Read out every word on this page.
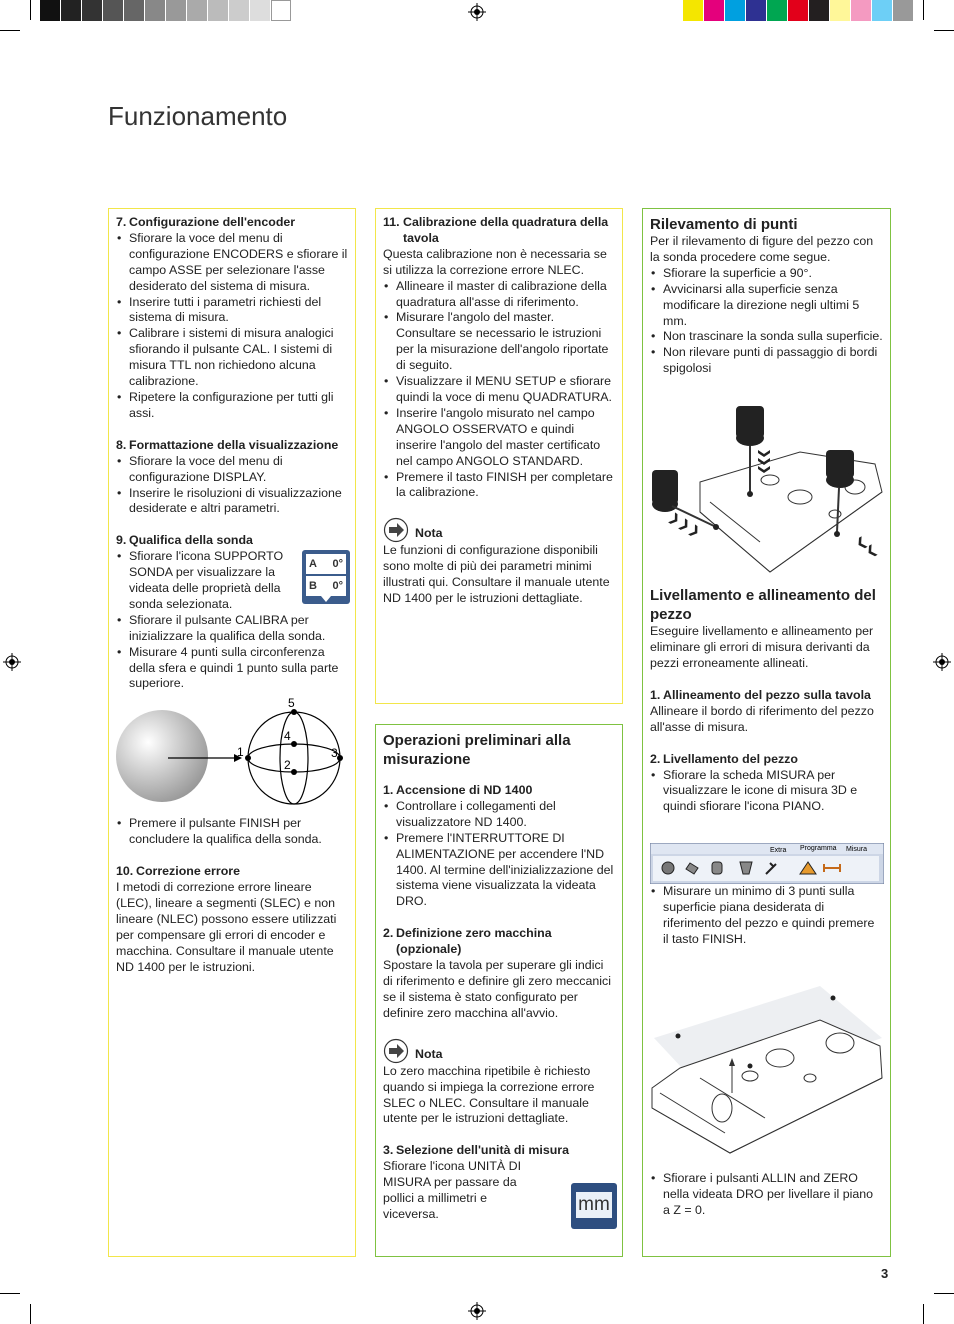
Funzionamento
7. Configurazione dell'encoder
• Sfiorare la voce del menu di configurazione ENCODERS e sfiorare il campo ASSE per selezionare l'asse desiderato del sistema di misura.
• Inserire tutti i parametri richiesti del sistema di misura.
• Calibrare i sistemi di misura analogici sfiorando il pulsante CAL. I sistemi di misura TTL non richiedono alcuna calibrazione.
• Ripetere la configurazione per tutti gli assi.
8. Formattazione della visualizzazione
• Sfiorare la voce del menu di configurazione DISPLAY.
• Inserire le risoluzioni di visualizzazione desiderate e altri parametri.
9. Qualifica della sonda
• Sfiorare l'icona SUPPORTO SONDA per visualizzare la videata delle proprietà della sonda selezionata.
• Sfiorare il pulsante CALIBRA per inizializzare la qualifica della sonda.
• Misurare 4 punti sulla circonferenza della sfera e quindi 1 punto sulla parte superiore.
• Premere il pulsante FINISH per concludere la qualifica della sonda.
10. Correzione errore
I metodi di correzione errore lineare (LEC), lineare a segmenti (SLEC) e non lineare (NLEC) possono essere utilizzati per compensare gli errori di encoder e macchina. Consultare il manuale utente ND 1400 per le istruzioni.
A 0°
B 0°
5
4
1	3
2
11. Calibrazione della quadratura della tavola
Questa calibrazione non è necessaria se si utilizza la correzione errore NLEC.
• Allineare il master di calibrazione della quadratura all'asse di riferimento.
• Misurare l'angolo del master. Consultare se necessario le istruzioni per la misurazione dell'angolo riportate di seguito.
• Visualizzare il MENU SETUP e sfiorare quindi la voce di menu QUADRATURA.
• Inserire l'angolo misurato nel campo ANGOLO OSSERVATO e quindi inserire l'angolo del master certificato nel campo ANGOLO STANDARD.
• Premere il tasto FINISH per completare la calibrazione.
Nota
Le funzioni di configurazione disponibili sono molte di più dei parametri minimi illustrati qui. Consultare il manuale utente ND 1400 per le istruzioni dettagliate.
Operazioni preliminari alla misurazione
1. Accensione di ND 1400
• Controllare i collegamenti del visualizzatore ND 1400.
• Premere l'INTERRUTTORE DI ALIMENTAZIONE per accendere l'ND 1400. Al termine dell'inizializzazione del sistema viene visualizzata la videata DRO.
2. Definizione zero macchina (opzionale)
Spostare la tavola per superare gli indici di riferimento e definire gli zero meccanici se il sistema è stato configurato per definire zero macchina all'avvio.
Nota
Lo zero macchina ripetibile è richiesto quando si impiega la correzione errore SLEC o NLEC. Consultare il manuale utente per le istruzioni dettagliate.
3. Selezione dell'unità di misura
Sfiorare l'icona UNITÀ DI MISURA per passare da pollici a millimetri e viceversa.	mm
Rilevamento di punti
Per il rilevamento di figure del pezzo con la sonda procedere come segue.
• Sfiorare la superficie a 90°.
• Avvicinarsi alla superficie senza modificare la direzione negli ultimi 5 mm.
• Non trascinare la sonda sulla superficie.
• Non rilevare punti di passaggio di bordi spigolosi
Livellamento e allineamento del pezzo
Eseguire livellamento e allineamento per eliminare gli errori di misura derivanti da pezzi erroneamente allineati.
1. Allineamento del pezzo sulla tavola
Allineare il bordo di riferimento del pezzo all'asse di misura.
2. Livellamento del pezzo
• Sfiorare la scheda MISURA per visualizzare le icone di misura 3D e quindi sfiorare l'icona PIANO.
• Misurare un minimo di 3 punti sulla superficie piana desiderata di riferimento del pezzo e quindi premere il tasto FINISH.
• Sfiorare i pulsanti ALLIN and ZERO nella videata DRO per livellare il piano a Z = 0.
Extra Programma Misura
3
